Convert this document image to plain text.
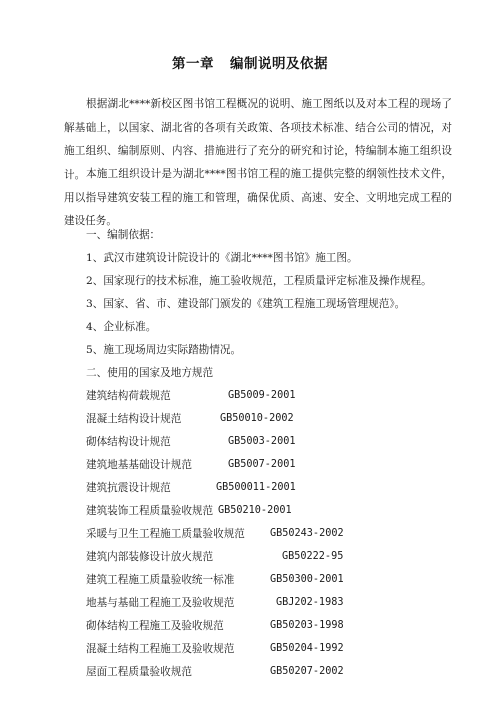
第一章 编制说明及依据

根据湖北****新校区图书馆工程概况的说明、施工图纸以及对本工程的现场了解基础上，以国家、湖北省的各项有关政策、各项技术标准、结合公司的情况，对施工组织、编制原则、内容、措施进行了充分的研究和讨论，特编制本施工组织设计。 本施工组织设计是为湖北****图书馆工程的施工提供完整的纲领性技术文件，用以指导建筑安装工程的施工和管理，确保优质、高速、安全、文明地完成工程的建设任务。

一、编制依据：
1、武汉市建筑设计院设计的《湖北****图书馆》施工图。
2、国家现行的技术标准，施工验收规范，工程质量评定标准及操作规程。
3、国家、省、市、建设部门颁发的《建筑工程施工现场管理规范》。
4、企业标准。
5、施工现场周边实际踏勘情况。
二、使用的国家及地方规范
建筑结构荷载规范	GB5009-2001
混凝土结构设计规范	GB50010-2002
砌体结构设计规范	GB5003-2001
建筑地基基础设计规范	GB5007-2001
建筑抗震设计规范	GB500011-2001
建筑装饰工程质量验收规范 GB50210-2001
采暖与卫生工程施工质量验收规范 GB50243-2002
建筑内部装修设计放火规范	GB50222-95
建筑工程施工质量验收统一标准	GB50300-2001
地基与基础工程施工及验收规范	GBJ202-1983
砌体结构工程施工及验收规范	GB50203-1998
混凝土结构工程施工及验收规范	GB50204-1992
屋面工程质量验收规范	GB50207-2002
